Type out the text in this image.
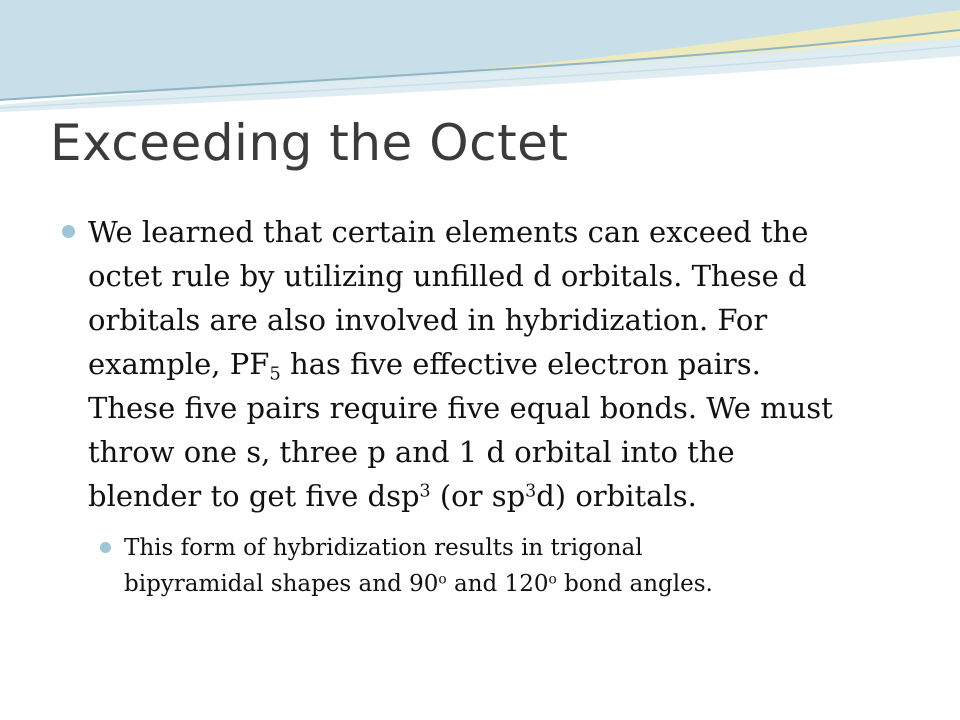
Exceeding the Octet
We learned that certain elements can exceed the
octet rule by utilizing unfilled d orbitals. These d
orbitals are also involved in hybridization. For
example, $PF_5$ has five effective electron pairs.
These five pairs require five equal bonds. We must
throw one s, three p and 1 d orbital into the
blender to get five dsp$^3$ (or $sp^3d$) orbitals.
This form of hybridization results in trigonal
bipyramidal shapes and 90$^o$ and 120$^o$ bond angles.
